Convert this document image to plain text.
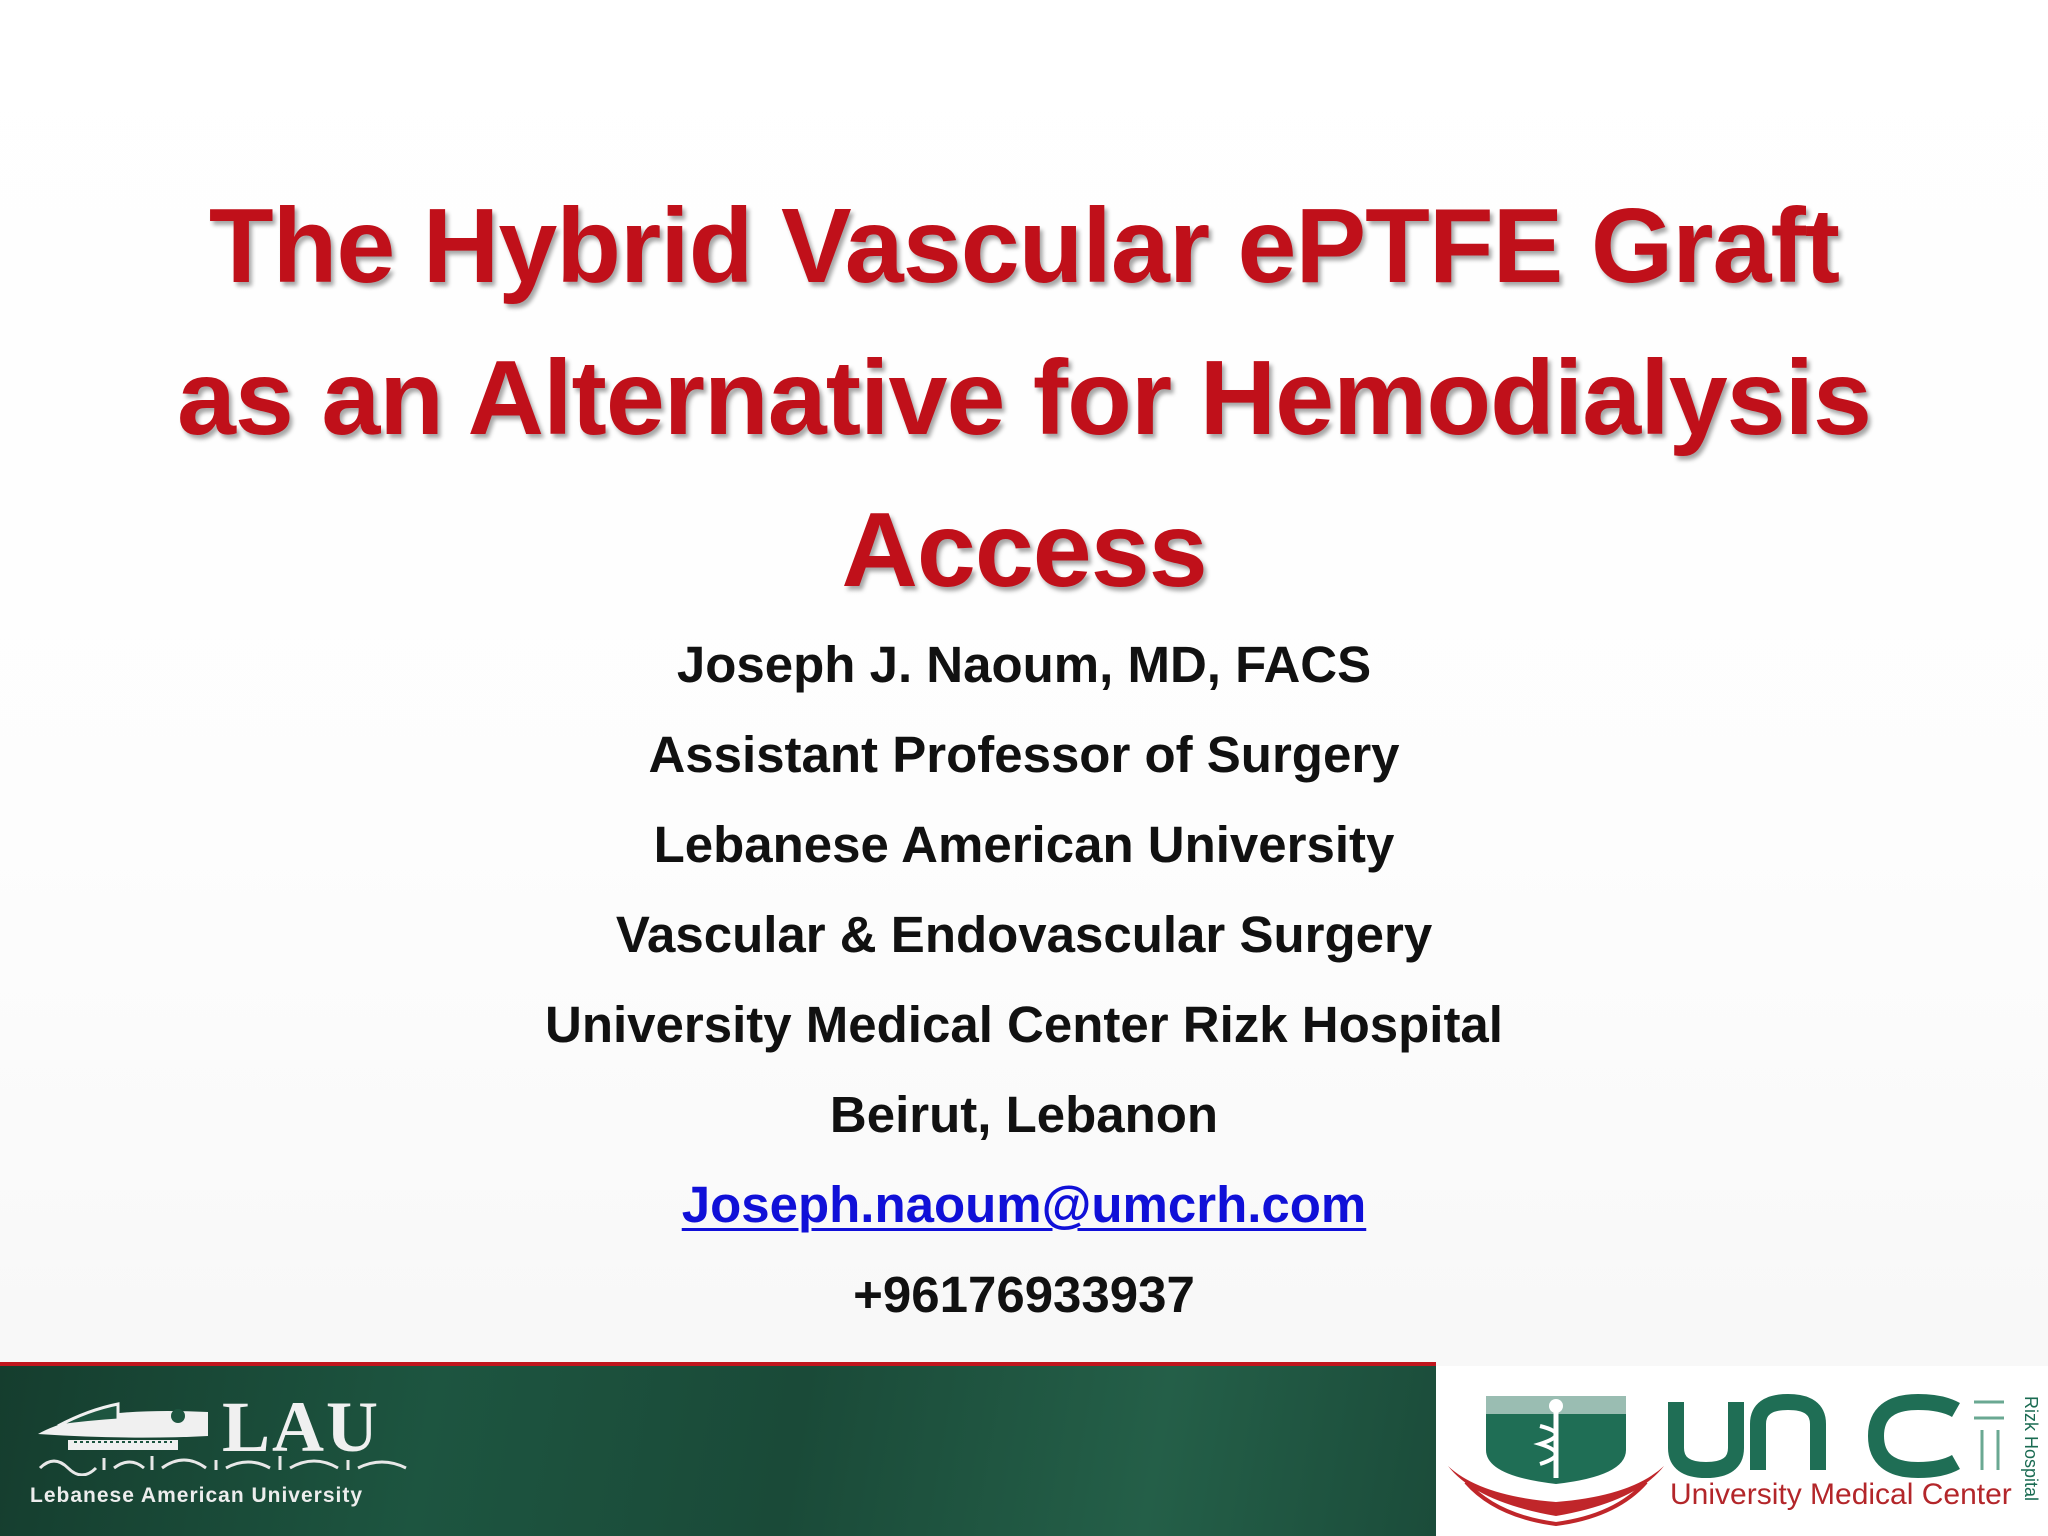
The Hybrid Vascular ePTFE Graft
as an Alternative for Hemodialysis
Access
Joseph J. Naoum, MD, FACS
Assistant Professor of Surgery
Lebanese American University
Vascular & Endovascular Surgery
University Medical Center Rizk Hospital
Beirut, Lebanon
Joseph.naoum@umcrh.com
+96176933937
LAU
Lebanese American University	University Medical Center Rizk Hospital
